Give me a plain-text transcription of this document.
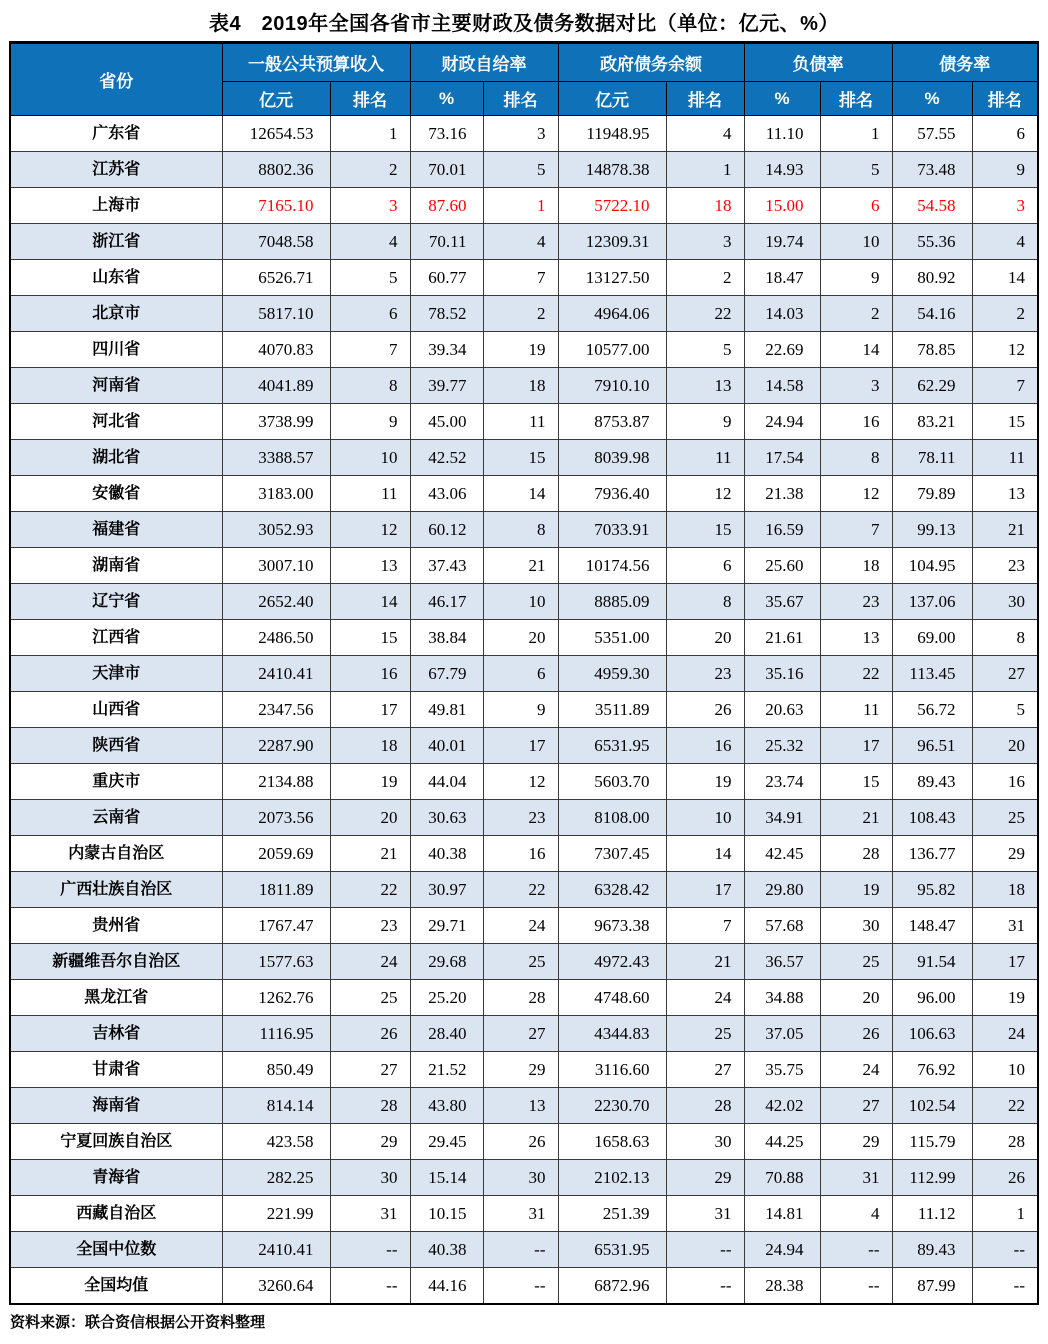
表4　2019年全国各省市主要财政及债务数据对比（单位：亿元、%）
省份	一般公共预算收入		财政自给率		政府债务余额		负债率		债务率	
	亿元	排名	%	排名	亿元	排名	%	排名	%	排名
广东省	12654.53	1	73.16	3	11948.95	4	11.10	1	57.55	6
江苏省	8802.36	2	70.01	5	14878.38	1	14.93	5	73.48	9
上海市	7165.10	3	87.60	1	5722.10	18	15.00	6	54.58	3
浙江省	7048.58	4	70.11	4	12309.31	3	19.74	10	55.36	4
山东省	6526.71	5	60.77	7	13127.50	2	18.47	9	80.92	14
北京市	5817.10	6	78.52	2	4964.06	22	14.03	2	54.16	2
四川省	4070.83	7	39.34	19	10577.00	5	22.69	14	78.85	12
河南省	4041.89	8	39.77	18	7910.10	13	14.58	3	62.29	7
河北省	3738.99	9	45.00	11	8753.87	9	24.94	16	83.21	15
湖北省	3388.57	10	42.52	15	8039.98	11	17.54	8	78.11	11
安徽省	3183.00	11	43.06	14	7936.40	12	21.38	12	79.89	13
福建省	3052.93	12	60.12	8	7033.91	15	16.59	7	99.13	21
湖南省	3007.10	13	37.43	21	10174.56	6	25.60	18	104.95	23
辽宁省	2652.40	14	46.17	10	8885.09	8	35.67	23	137.06	30
江西省	2486.50	15	38.84	20	5351.00	20	21.61	13	69.00	8
天津市	2410.41	16	67.79	6	4959.30	23	35.16	22	113.45	27
山西省	2347.56	17	49.81	9	3511.89	26	20.63	11	56.72	5
陕西省	2287.90	18	40.01	17	6531.95	16	25.32	17	96.51	20
重庆市	2134.88	19	44.04	12	5603.70	19	23.74	15	89.43	16
云南省	2073.56	20	30.63	23	8108.00	10	34.91	21	108.43	25
内蒙古自治区	2059.69	21	40.38	16	7307.45	14	42.45	28	136.77	29
广西壮族自治区	1811.89	22	30.97	22	6328.42	17	29.80	19	95.82	18
贵州省	1767.47	23	29.71	24	9673.38	7	57.68	30	148.47	31
新疆维吾尔自治区	1577.63	24	29.68	25	4972.43	21	36.57	25	91.54	17
黑龙江省	1262.76	25	25.20	28	4748.60	24	34.88	20	96.00	19
吉林省	1116.95	26	28.40	27	4344.83	25	37.05	26	106.63	24
甘肃省	850.49	27	21.52	29	3116.60	27	35.75	24	76.92	10
海南省	814.14	28	43.80	13	2230.70	28	42.02	27	102.54	22
宁夏回族自治区	423.58	29	29.45	26	1658.63	30	44.25	29	115.79	28
青海省	282.25	30	15.14	30	2102.13	29	70.88	31	112.99	26
西藏自治区	221.99	31	10.15	31	251.39	31	14.81	4	11.12	1
全国中位数	2410.41	--	40.38	--	6531.95	--	24.94	--	89.43	--
全国均值	3260.64	--	44.16	--	6872.96	--	28.38	--	87.99	--
资料来源：联合资信根据公开资料整理
